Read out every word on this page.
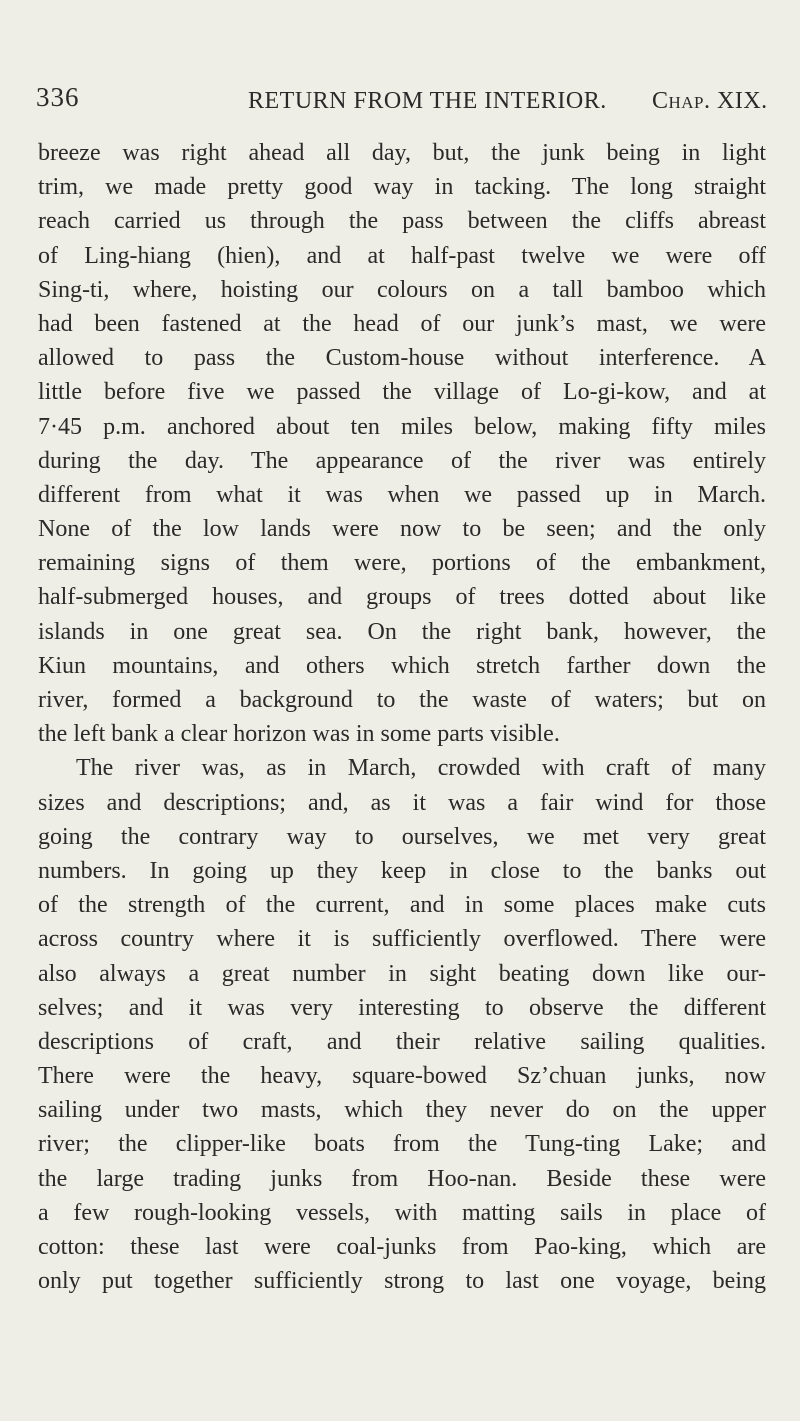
336	RETURN FROM THE INTERIOR. Chap. XIX.
breeze was right ahead all day, but, the junk being in light
trim, we made pretty good way in tacking. The long straight
reach carried us through the pass between the cliffs abreast
of Ling-hiang (hien), and at half-past twelve we were off
Sing-ti, where, hoisting our colours on a tall bamboo which
had been fastened at the head of our junk’s mast, we were
allowed to pass the Custom-house without interference. A
little before five we passed the village of Lo-gi-kow, and at
7·45 p.m. anchored about ten miles below, making fifty miles
during the day. The appearance of the river was entirely
different from what it was when we passed up in March.
None of the low lands were now to be seen; and the only
remaining signs of them were, portions of the embankment,
half-submerged houses, and groups of trees dotted about like
islands in one great sea. On the right bank, however, the
Kiun mountains, and others which stretch farther down the
river, formed a background to the waste of waters; but on
the left bank a clear horizon was in some parts visible.
The river was, as in March, crowded with craft of many
sizes and descriptions; and, as it was a fair wind for those
going the contrary way to ourselves, we met very great
numbers. In going up they keep in close to the banks out
of the strength of the current, and in some places make cuts
across country where it is sufficiently overflowed. There were
also always a great number in sight beating down like our-
selves; and it was very interesting to observe the different
descriptions of craft, and their relative sailing qualities.
There were the heavy, square-bowed Sz’chuan junks, now
sailing under two masts, which they never do on the upper
river; the clipper-like boats from the Tung-ting Lake; and
the large trading junks from Hoo-nan. Beside these were
a few rough-looking vessels, with matting sails in place of
cotton: these last were coal-junks from Pao-king, which are
only put together sufficiently strong to last one voyage, being
